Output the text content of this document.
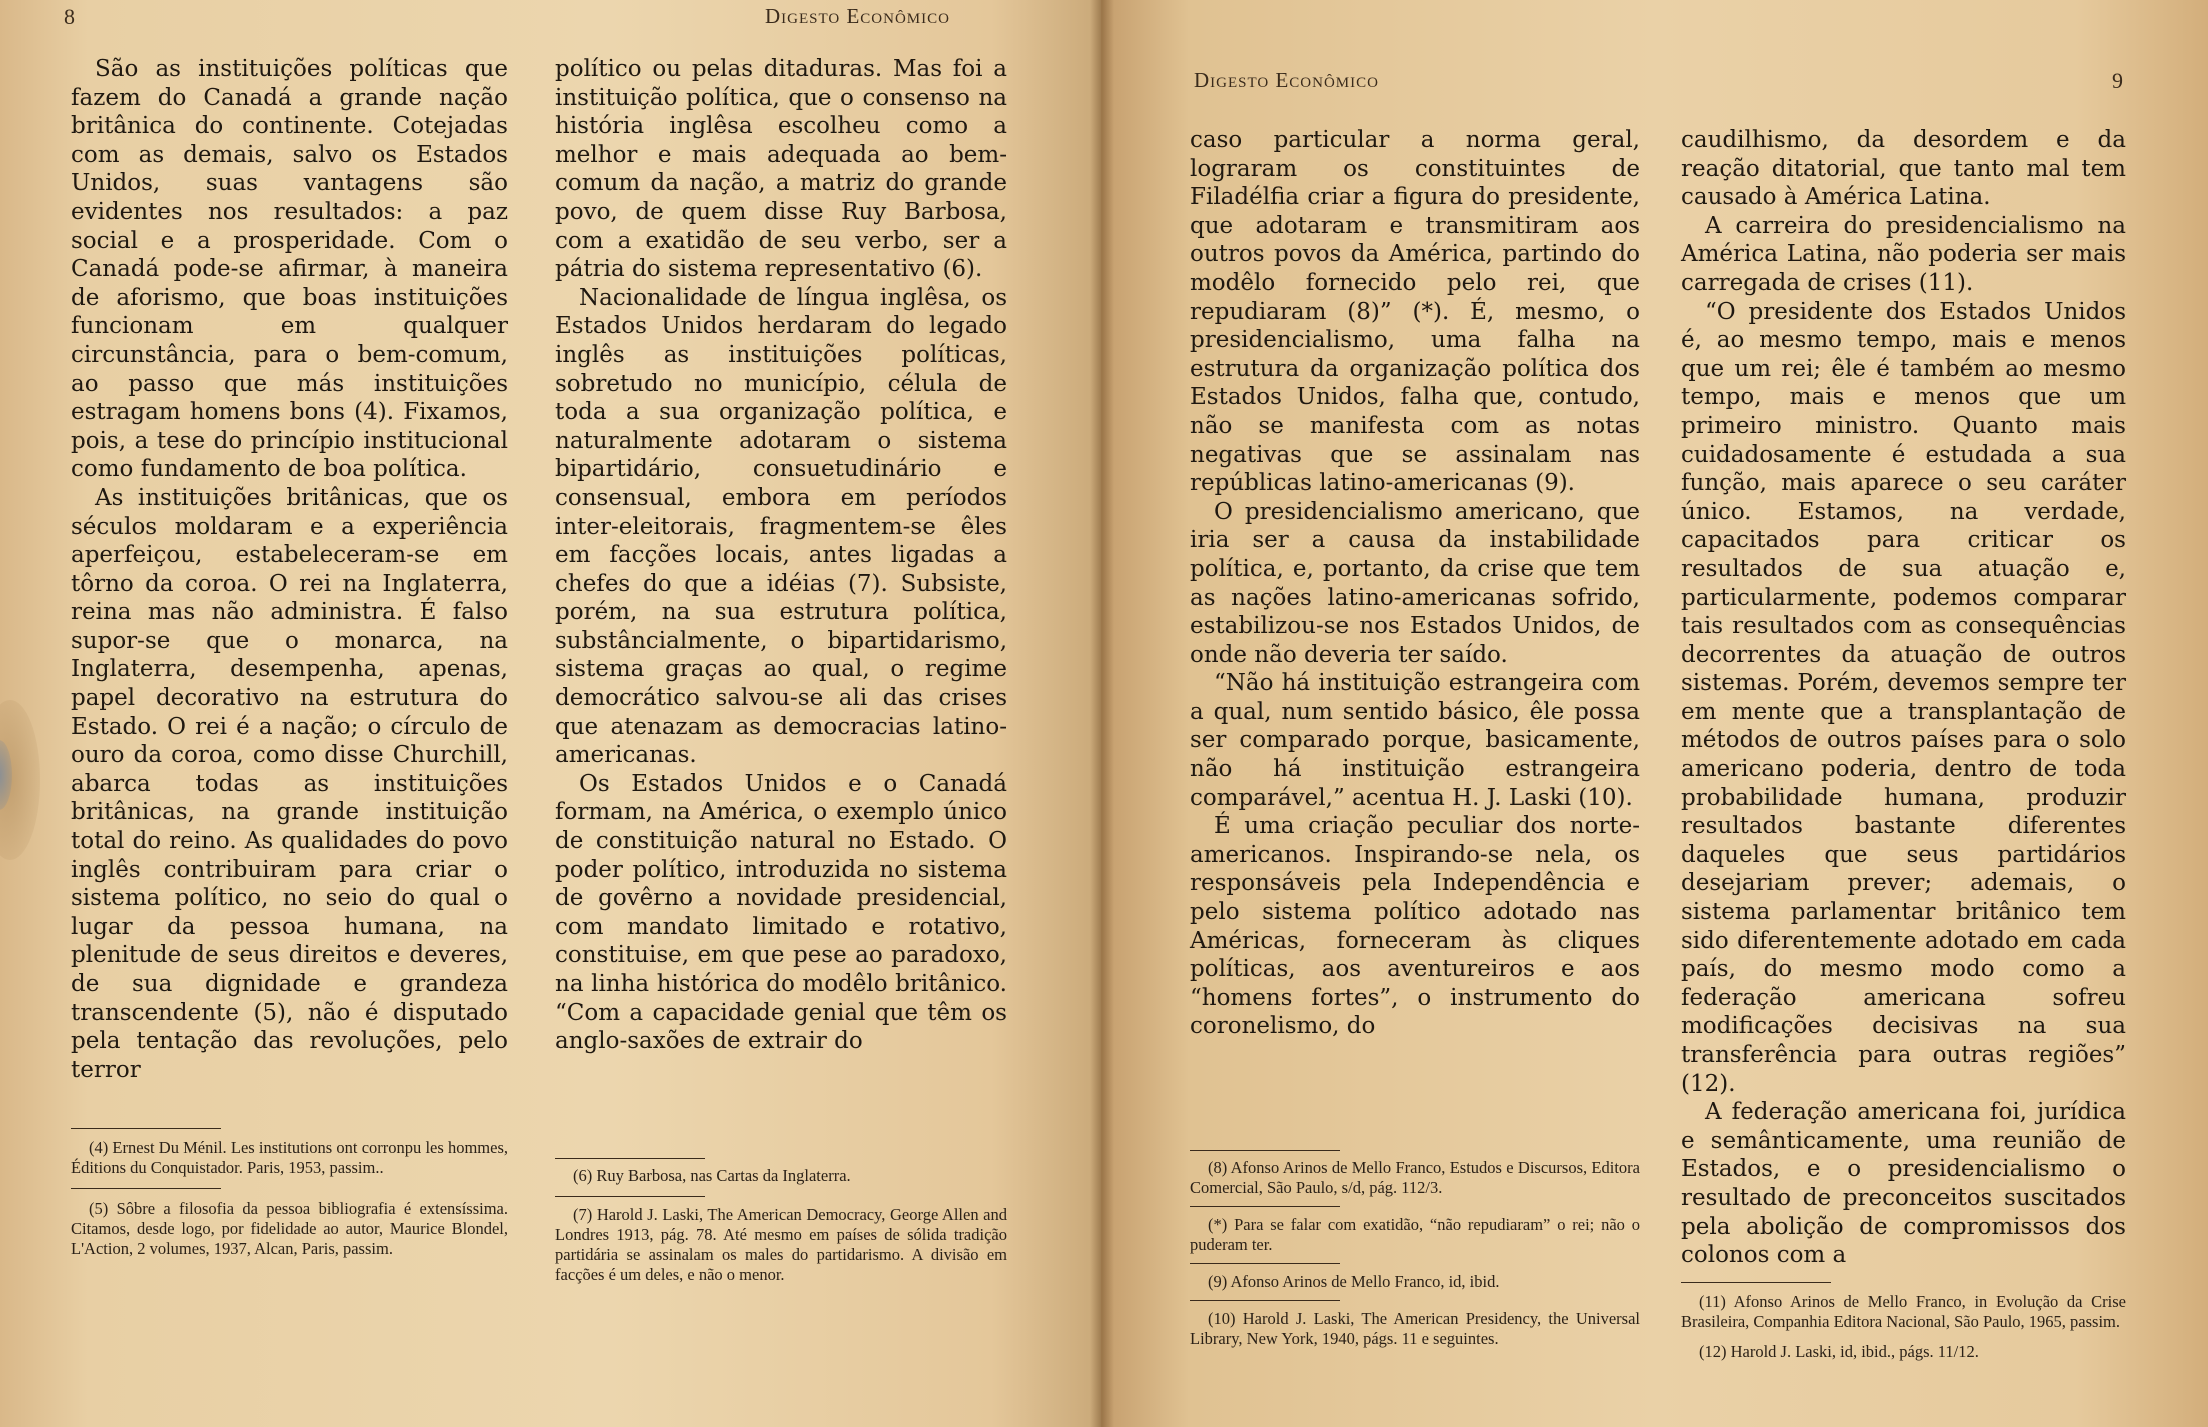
8	Digesto Econômico

São as instituições políticas que fazem do Canadá a grande nação britânica do continente. Cotejadas com as demais, salvo os Estados Unidos, suas vantagens são evidentes nos resultados: a paz social e a prosperidade. Com o Canadá pode-se afirmar, à maneira de aforismo, que boas instituições funcionam em qualquer circunstância, para o bem-comum, ao passo que más instituições estragam homens bons (4). Fixamos, pois, a tese do princípio institucional como fundamento de boa política.

As instituições britânicas, que os séculos moldaram e a experiência aperfeiçou, estabeleceram-se em tôrno da coroa. O rei na Inglaterra, reina mas não administra. É falso supor-se que o monarca, na Inglaterra, desempenha, apenas, papel decorativo na estrutura do Estado. O rei é a nação; o círculo de ouro da coroa, como disse Churchill, abarca todas as instituições britânicas, na grande instituição total do reino. As qualidades do povo inglês contribuiram para criar o sistema político, no seio do qual o lugar da pessoa humana, na plenitude de seus direitos e deveres, de sua dignidade e grandeza transcendente (5), não é disputado pela tentação das revoluções, pelo terror

político ou pelas ditaduras. Mas foi a instituição política, que o consenso na história inglêsa escolheu como a melhor e mais adequada ao bem-comum da nação, a matriz do grande povo, de quem disse Ruy Barbosa, com a exatidão de seu verbo, ser a pátria do sistema representativo (6).

Nacionalidade de língua inglêsa, os Estados Unidos herdaram do legado inglês as instituições políticas, sobretudo no município, célula de toda a sua organização política, e naturalmente adotaram o sistema bipartidário, consuetudinário e consensual, embora em períodos inter-eleitorais, fragmentem-se êles em facções locais, antes ligadas a chefes do que a idéias (7). Subsiste, porém, na sua estrutura política, substâncialmente, o bipartidarismo, sistema graças ao qual, o regime democrático salvou-se ali das crises que atenazam as democracias latino-americanas.

Os Estados Unidos e o Canadá formam, na América, o exemplo único de constituição natural no Estado. O poder político, introduzida no sistema de govêrno a novidade presidencial, com mandato limitado e rotativo, constituise, em que pese ao paradoxo, na linha histórica do modêlo britânico. “Com a capacidade genial que têm os anglo-saxões de extrair do

(4) Ernest Du Ménil. Les institutions ont corronpu les hommes, Éditions du Conquistador. Paris, 1953, passim..

(5) Sôbre a filosofia da pessoa bibliografia é extensíssima. Citamos, desde logo, por fidelidade ao autor, Maurice Blondel, L'Action, 2 volumes, 1937, Alcan, Paris, passim.

(6) Ruy Barbosa, nas Cartas da Inglaterra.

(7) Harold J. Laski, The American Democracy, George Allen and Londres 1913, pág. 78. Até mesmo em países de sólida tradição partidária se assinalam os males do partidarismo. A divisão em facções é um deles, e não o menor.

Digesto Econômico	9

caso particular a norma geral, lograram os constituintes de Filadélfia criar a figura do presidente, que adotaram e transmitiram aos outros povos da América, partindo do modêlo fornecido pelo rei, que repudiaram (8)” (*). É, mesmo, o presidencialismo, uma falha na estrutura da organização política dos Estados Unidos, falha que, contudo, não se manifesta com as notas negativas que se assinalam nas repúblicas latino-americanas (9).

O presidencialismo americano, que iria ser a causa da instabilidade política, e, portanto, da crise que tem as nações latino-americanas sofrido, estabilizou-se nos Estados Unidos, de onde não deveria ter saído.

“Não há instituição estrangeira com a qual, num sentido básico, êle possa ser comparado porque, basicamente, não há instituição estrangeira comparável,” acentua H. J. Laski (10).

É uma criação peculiar dos norte-americanos. Inspirando-se nela, os responsáveis pela Independência e pelo sistema político adotado nas Américas, forneceram às cliques políticas, aos aventureiros e aos “homens fortes”, o instrumento do coronelismo, do

caudilhismo, da desordem e da reação ditatorial, que tanto mal tem causado à América Latina.

A carreira do presidencialismo na América Latina, não poderia ser mais carregada de crises (11).

“O presidente dos Estados Unidos é, ao mesmo tempo, mais e menos que um rei; êle é também ao mesmo tempo, mais e menos que um primeiro ministro. Quanto mais cuidadosamente é estudada a sua função, mais aparece o seu caráter único. Estamos, na verdade, capacitados para criticar os resultados de sua atuação e, particularmente, podemos comparar tais resultados com as consequências decorrentes da atuação de outros sistemas. Porém, devemos sempre ter em mente que a transplantação de métodos de outros países para o solo americano poderia, dentro de toda probabilidade humana, produzir resultados bastante diferentes daqueles que seus partidários desejariam prever; ademais, o sistema parlamentar britânico tem sido diferentemente adotado em cada país, do mesmo modo como a federação americana sofreu modificações decisivas na sua transferência para outras regiões” (12).

A federação americana foi, jurídica e semânticamente, uma reunião de Estados, e o presidencialismo o resultado de preconceitos suscitados pela abolição de compromissos dos colonos com a

(8) Afonso Arinos de Mello Franco, Estudos e Discursos, Editora Comercial, São Paulo, s/d, pág. 112/3.

(*) Para se falar com exatidão, “não repudiaram” o rei; não o puderam ter.

(9) Afonso Arinos de Mello Franco, id, ibid.

(10) Harold J. Laski, The American Presidency, the Universal Library, New York, 1940, págs. 11 e seguintes.

(11) Afonso Arinos de Mello Franco, in Evolução da Crise Brasileira, Companhia Editora Nacional, São Paulo, 1965, passim.

(12) Harold J. Laski, id, ibid., págs. 11/12.
